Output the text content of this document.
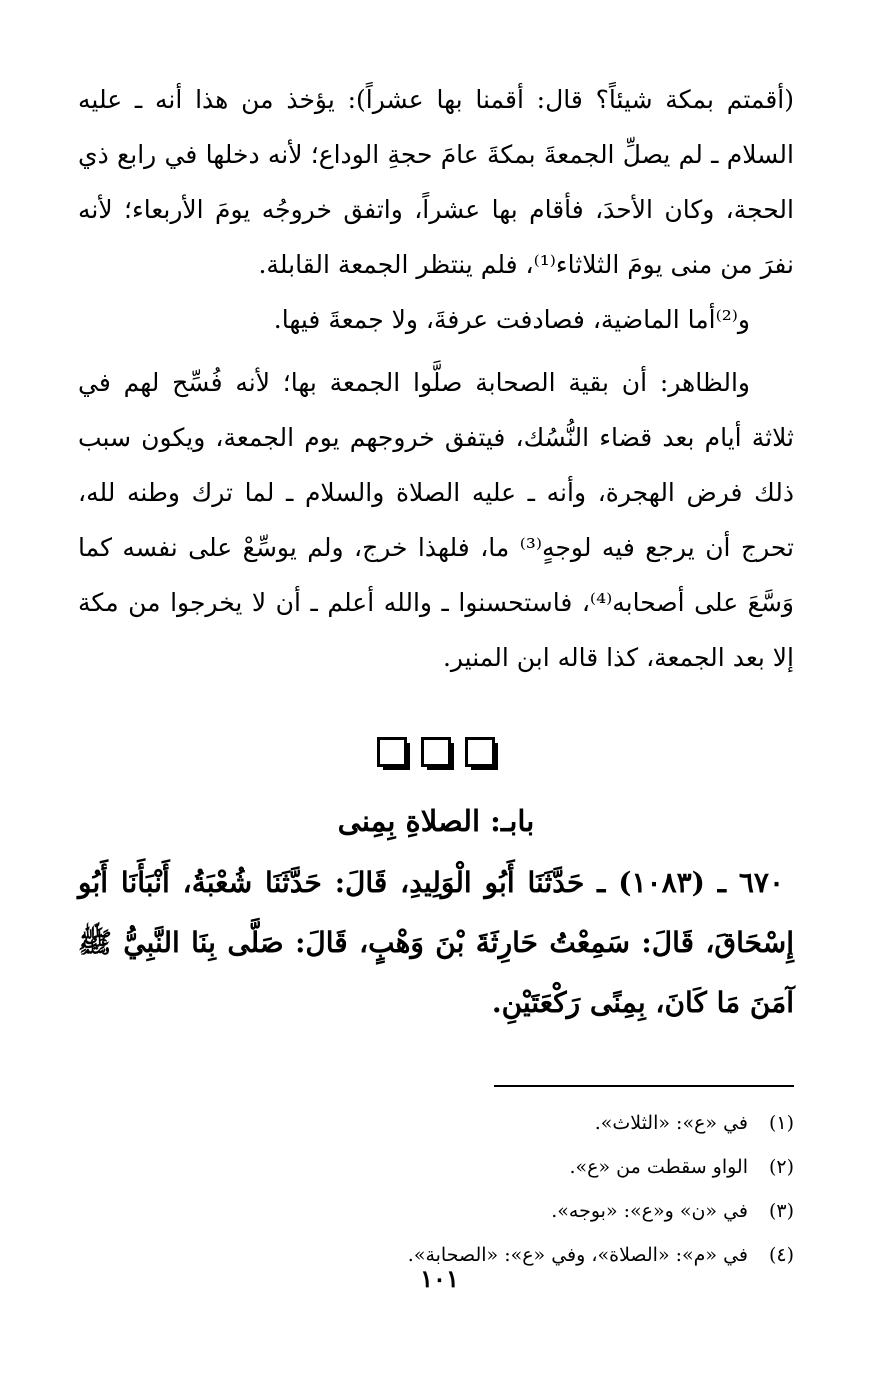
(أقمتم بمكة شيئاً؟ قال: أقمنا بها عشراً): يؤخذ من هذا أنه ـ عليه السلام ـ لم يصلِّ الجمعةَ بمكةَ عامَ حجةِ الوداع؛ لأنه دخلها في رابع ذي الحجة، وكان الأحدَ، فأقام بها عشراً، واتفق خروجُه يومَ الأربعاء؛ لأنه نفرَ من منى يومَ الثلاثاء⁽¹⁾، فلم ينتظر الجمعة القابلة.

و⁽²⁾أما الماضية، فصادفت عرفةَ، ولا جمعةَ فيها.

والظاهر: أن بقية الصحابة صلَّوا الجمعة بها؛ لأنه فُسِّح لهم في ثلاثة أيام بعد قضاء النُّسُك، فيتفق خروجهم يوم الجمعة، ويكون سبب ذلك فرض الهجرة، وأنه ـ عليه الصلاة والسلام ـ لما ترك وطنه لله، تحرج أن يرجع فيه لوجهٍ⁽³⁾ ما، فلهذا خرج، ولم يوسِّعْ على نفسه كما وَسَّعَ على أصحابه⁽⁴⁾، فاستحسنوا ـ والله أعلم ـ أن لا يخرجوا من مكة إلا بعد الجمعة، كذا قاله ابن المنير.

بابـ: الصلاةِ بِمِنى

٦٧٠ ـ (١٠٨٣) ـ حَدَّثَنَا أَبُو الْوَلِيدِ، قَالَ: حَدَّثَنَا شُعْبَةُ، أَنْبَأَنَا أَبُو إِسْحَاقَ، قَالَ: سَمِعْتُ حَارِثَةَ بْنَ وَهْبٍ، قَالَ: صَلَّى بِنَا النَّبِيُّ ﷺ آمَنَ مَا كَانَ، بِمِنًى رَكْعَتَيْنِ.

(١)
في «ع»: «الثلاث».

(٢)
الواو سقطت من «ع».

(٣)
في «ن» و«ع»: «بوجه».

(٤)
في «م»: «الصلاة»، وفي «ع»: «الصحابة».

١٠١
